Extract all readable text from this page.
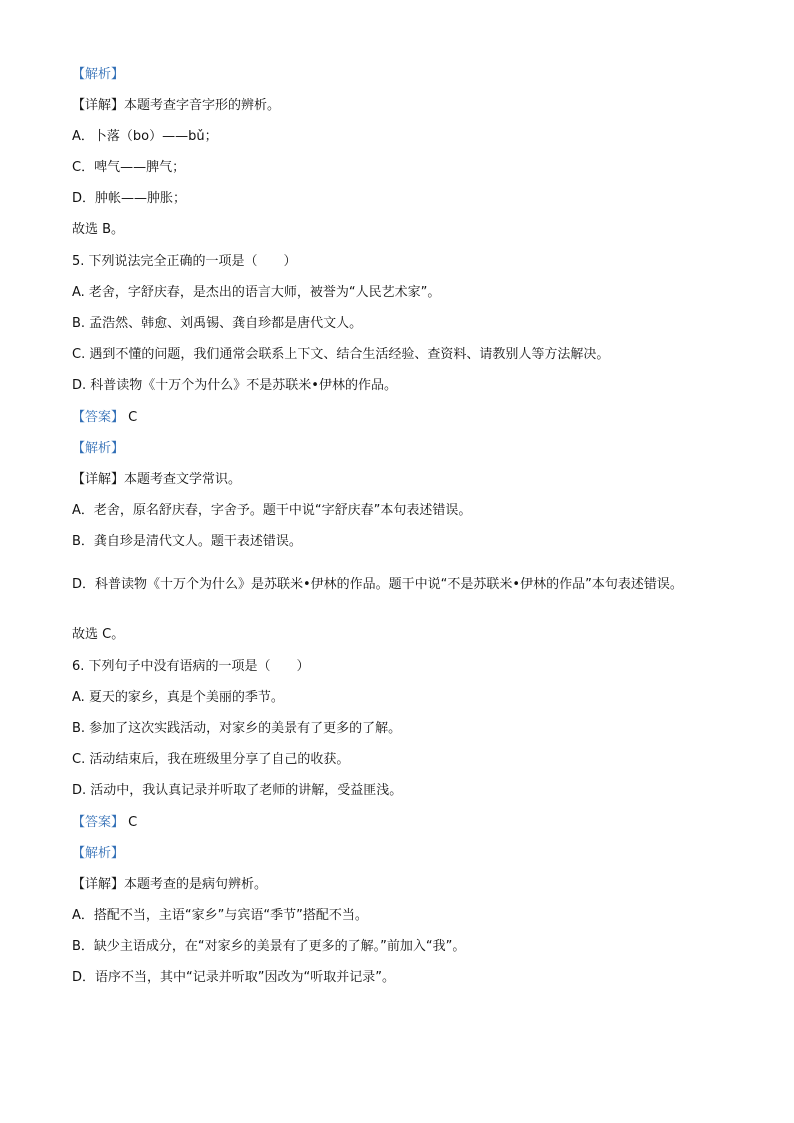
【解析】
【详解】本题考查字音字形的辨析。
A．卜落（bo）——bǔ；
C．啤气——脾气；
D．肿帐——肿胀；
故选 B。
5. 下列说法完全正确的一项是（　　）
A. 老舍，字舒庆春，是杰出的语言大师，被誉为“人民艺术家”。
B. 孟浩然、韩愈、刘禹锡、龚自珍都是唐代文人。
C. 遇到不懂的问题，我们通常会联系上下文、结合生活经验、查资料、请教别人等方法解决。
D. 科普读物《十万个为什么》不是苏联米•伊林的作品。
【答案】 C
【解析】
【详解】本题考查文学常识。
A．老舍，原名舒庆春，字舍予。题干中说“字舒庆春”本句表述错误。
B．龚自珍是清代文人。题干表述错误。
D．科普读物《十万个为什么》是苏联米•伊林的作品。题干中说“不是苏联米•伊林的作品”本句表述错误。
故选 C。
6. 下列句子中没有语病的一项是（　　）
A. 夏天的家乡，真是个美丽的季节。
B. 参加了这次实践活动，对家乡的美景有了更多的了解。
C. 活动结束后，我在班级里分享了自己的收获。
D. 活动中，我认真记录并听取了老师的讲解，受益匪浅。
【答案】 C
【解析】
【详解】本题考查的是病句辨析。
A．搭配不当，主语“家乡”与宾语“季节”搭配不当。
B．缺少主语成分，在“对家乡的美景有了更多的了解。”前加入“我”。
D．语序不当，其中“记录并听取”因改为“听取并记录”。
